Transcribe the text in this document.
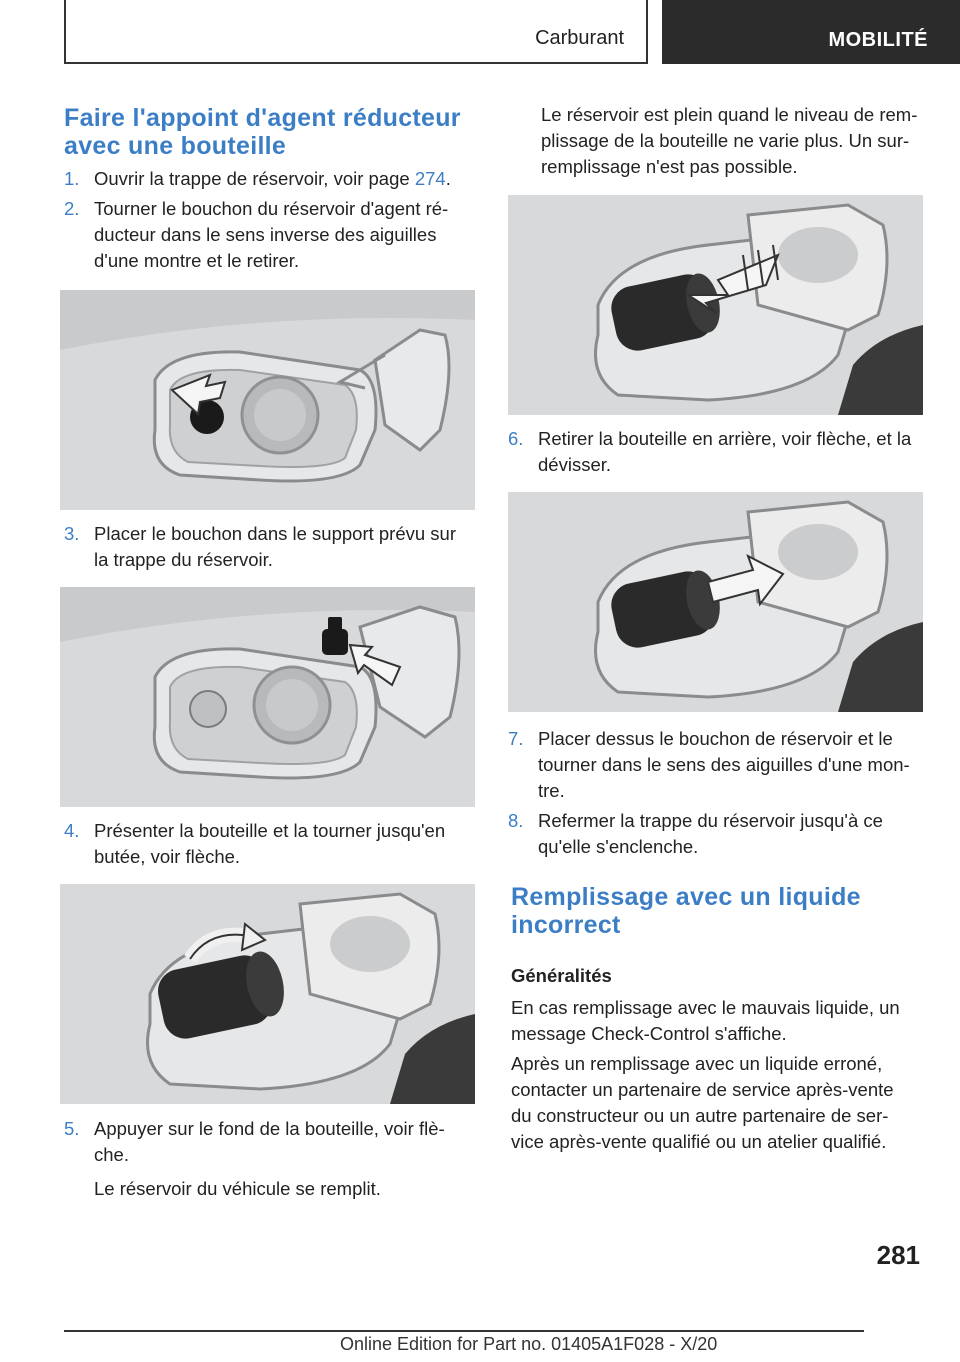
Carburant	MOBILITÉ
Faire l'appoint d'agent réducteur
avec une bouteille
1. Ouvrir la trappe de réservoir, voir page 274.
2. Tourner le bouchon du réservoir d'agent ré-
ducteur dans le sens inverse des aiguilles
d'une montre et le retirer.
3. Placer le bouchon dans le support prévu sur
la trappe du réservoir.
4. Présenter la bouteille et la tourner jusqu'en
butée, voir flèche.
5. Appuyer sur le fond de la bouteille, voir flè-
che.
Le réservoir du véhicule se remplit.
Le réservoir est plein quand le niveau de rem-
plissage de la bouteille ne varie plus. Un sur-
remplissage n'est pas possible.
6. Retirer la bouteille en arrière, voir flèche, et la
dévisser.
7. Placer dessus le bouchon de réservoir et le
tourner dans le sens des aiguilles d'une mon-
tre.
8. Refermer la trappe du réservoir jusqu'à ce
qu'elle s'enclenche.
Remplissage avec un liquide
incorrect
Généralités
En cas remplissage avec le mauvais liquide, un
message Check-Control s'affiche.
Après un remplissage avec un liquide erroné,
contacter un partenaire de service après-vente
du constructeur ou un autre partenaire de ser-
vice après-vente qualifié ou un atelier qualifié.
281
Online Edition for Part no. 01405A1F028 - X/20
